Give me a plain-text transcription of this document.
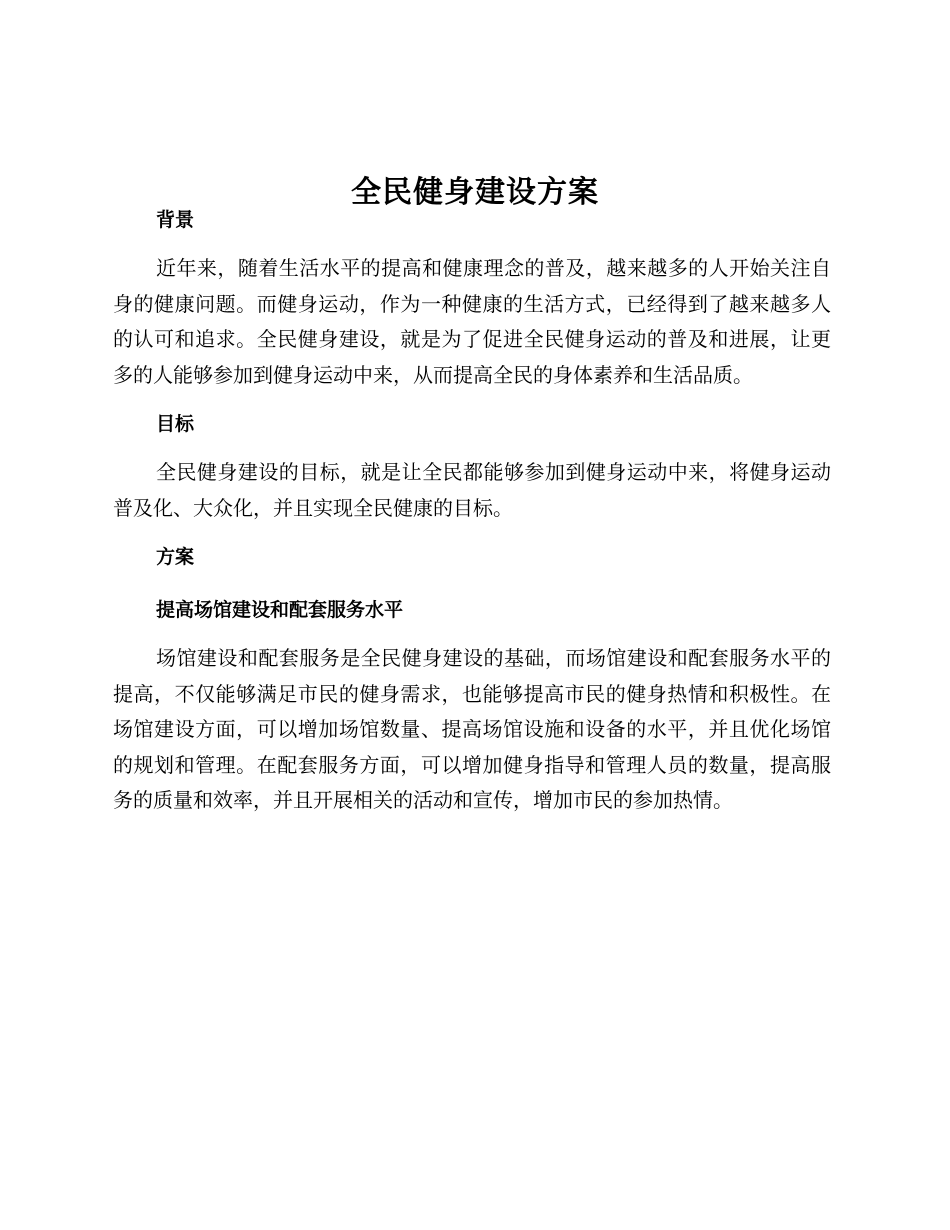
全民健身建设方案
背景

近年来，随着生活水平的提高和健康理念的普及，越来越多的人开始关注自身的健康问题。而健身运动，作为一种健康的生活方式，已经得到了越来越多人的认可和追求。全民健身建设，就是为了促进全民健身运动的普及和进展，让更多的人能够参加到健身运动中来，从而提高全民的身体素养和生活品质。

目标

全民健身建设的目标，就是让全民都能够参加到健身运动中来，将健身运动普及化、大众化，并且实现全民健康的目标。

方案
提高场馆建设和配套服务水平

场馆建设和配套服务是全民健身建设的基础，而场馆建设和配套服务水平的提高，不仅能够满足市民的健身需求，也能够提高市民的健身热情和积极性。在场馆建设方面，可以增加场馆数量、提高场馆设施和设备的水平，并且优化场馆的规划和管理。在配套服务方面，可以增加健身指导和管理人员的数量，提高服务的质量和效率，并且开展相关的活动和宣传，增加市民的参加热情。
